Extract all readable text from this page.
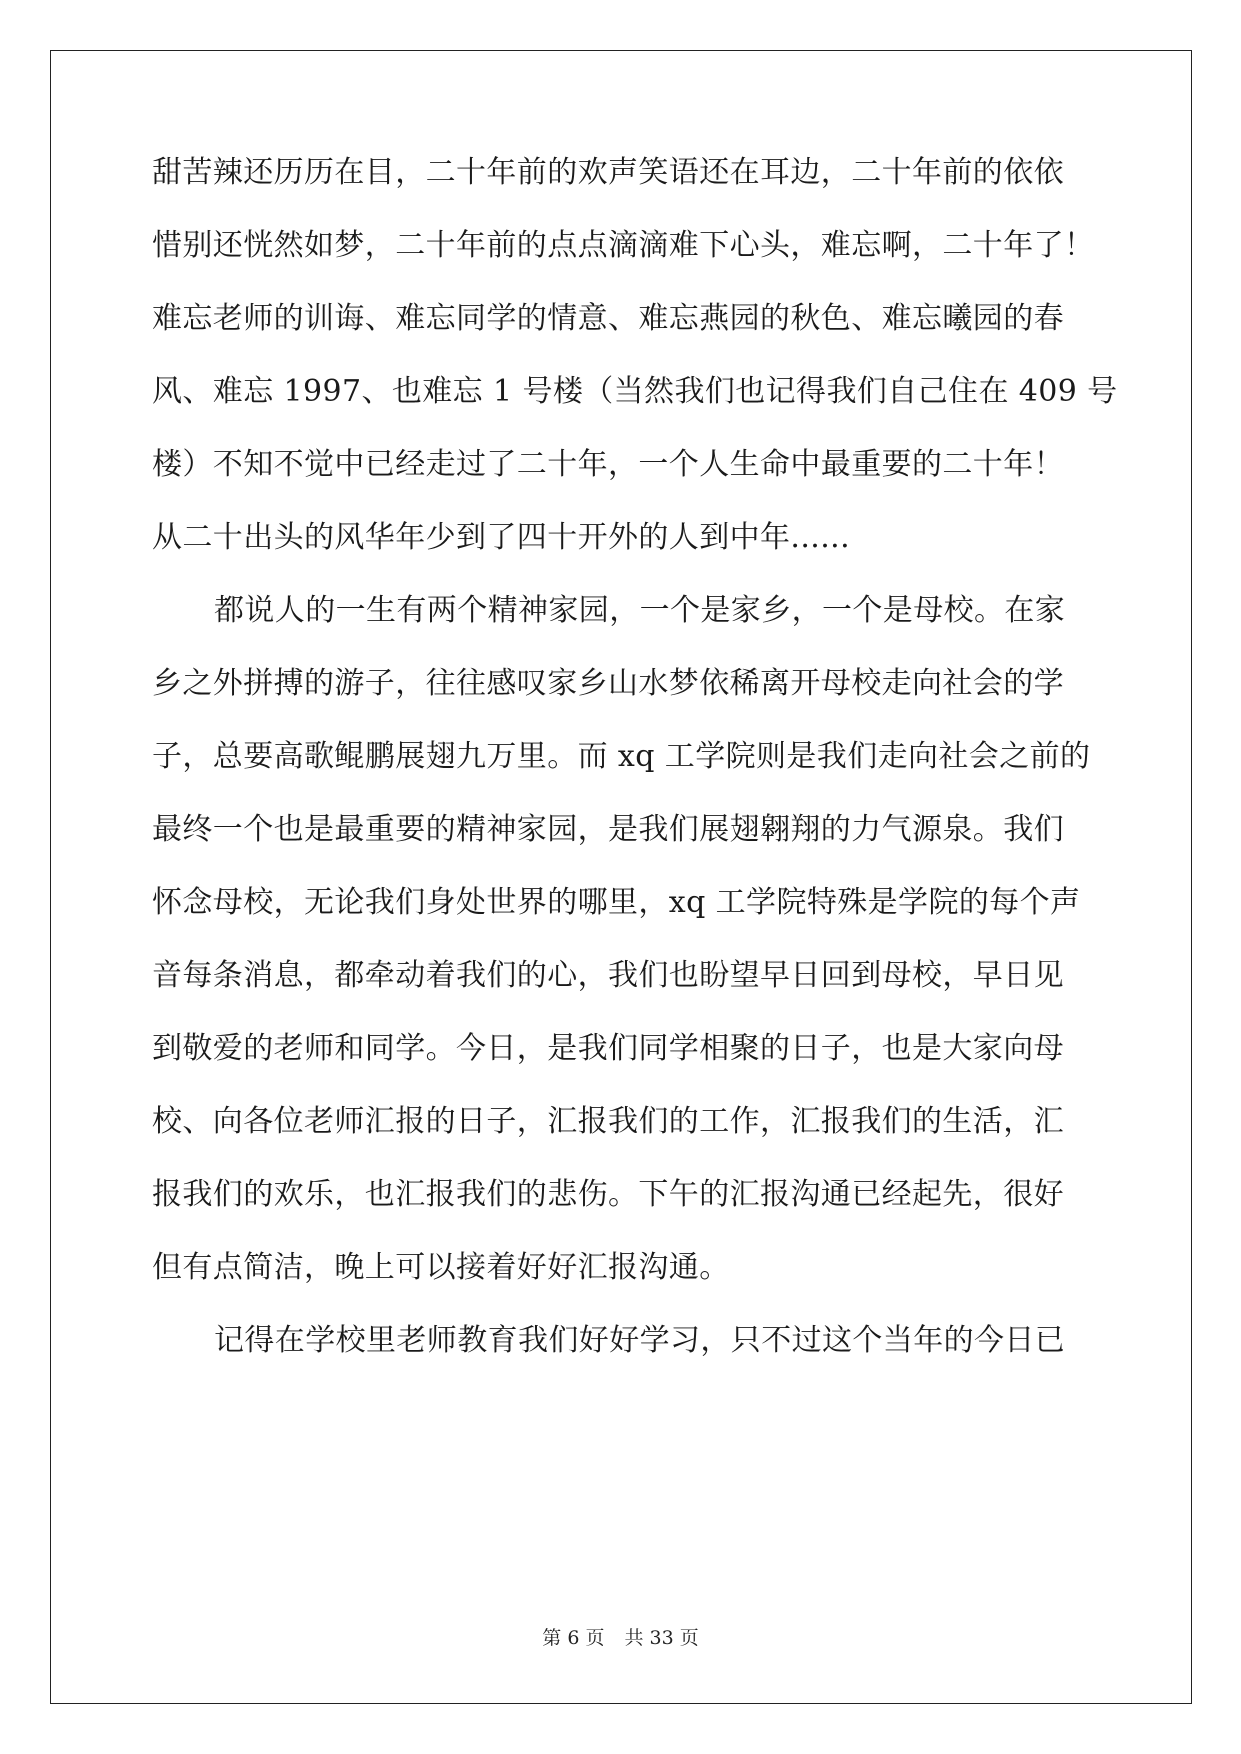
甜苦辣还历历在目，二十年前的欢声笑语还在耳边，二十年前的依依
惜别还恍然如梦，二十年前的点点滴滴难下心头，难忘啊，二十年了！
难忘老师的训诲、难忘同学的情意、难忘燕园的秋色、难忘曦园的春
风、难忘 1997、也难忘 1 号楼（当然我们也记得我们自己住在 409 号
楼）不知不觉中已经走过了二十年，一个人生命中最重要的二十年！
从二十出头的风华年少到了四十开外的人到中年......
都说人的一生有两个精神家园，一个是家乡，一个是母校。在家
乡之外拼搏的游子，往往感叹家乡山水梦依稀离开母校走向社会的学
子，总要高歌鲲鹏展翅九万里。而 xq 工学院则是我们走向社会之前的
最终一个也是最重要的精神家园，是我们展翅翱翔的力气源泉。我们
怀念母校，无论我们身处世界的哪里，xq 工学院特殊是学院的每个声
音每条消息，都牵动着我们的心，我们也盼望早日回到母校，早日见
到敬爱的老师和同学。今日，是我们同学相聚的日子，也是大家向母
校、向各位老师汇报的日子，汇报我们的工作，汇报我们的生活，汇
报我们的欢乐，也汇报我们的悲伤。下午的汇报沟通已经起先，很好
但有点简洁，晚上可以接着好好汇报沟通。
记得在学校里老师教育我们好好学习，只不过这个当年的今日已
第 6 页 共 33 页
